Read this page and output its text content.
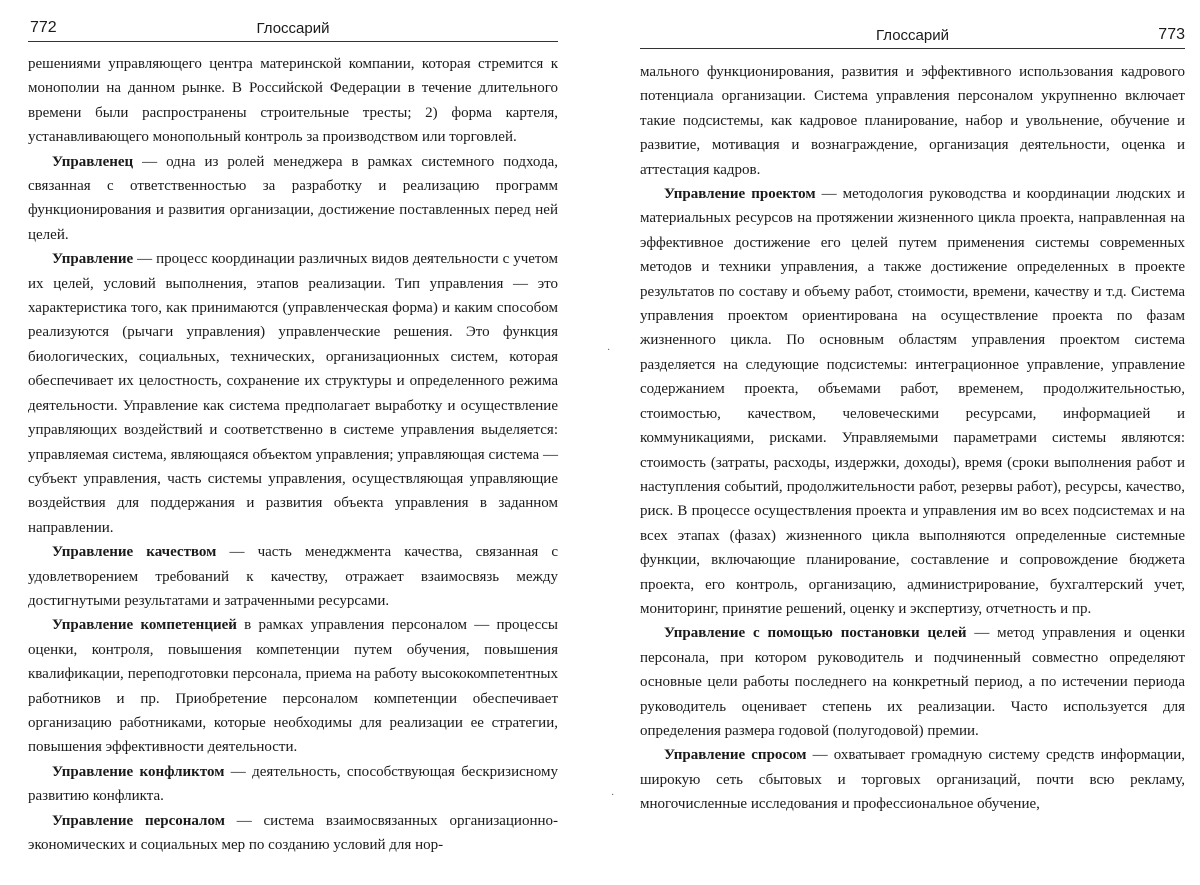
772	Глоссарий

решениями управляющего центра материнской компании, которая стремится к монополии на данном рынке. В Российской Федерации в течение длительного времени были распространены строительные тресты; 2) форма картеля, устанавливающего монопольный контроль за производством или торговлей.

Управленец — одна из ролей менеджера в рамках системного подхода, связанная с ответственностью за разработку и реализацию программ функционирования и развития организации, достижение поставленных перед ней целей.

Управление — процесс координации различных видов деятельности с учетом их целей, условий выполнения, этапов реализации. Тип управления — это характеристика того, как принимаются (управленческая форма) и каким способом реализуются (рычаги управления) управленческие решения. Это функция биологических, социальных, технических, организационных систем, которая обеспечивает их целостность, сохранение их структуры и определенного режима деятельности. Управление как система предполагает выработку и осуществление управляющих воздействий и соответственно в системе управления выделяется: управляемая система, являющаяся объектом управления; управляющая система — субъект управления, часть системы управления, осуществляющая управляющие воздействия для поддержания и развития объекта управления в заданном направлении.

Управление качеством — часть менеджмента качества, связанная с удовлетворением требований к качеству, отражает взаимосвязь между достигнутыми результатами и затраченными ресурсами.

Управление компетенцией в рамках управления персоналом — процессы оценки, контроля, повышения компетенции путем обучения, повышения квалификации, переподготовки персонала, приема на работу высококомпетентных работников и пр. Приобретение персоналом компетенции обеспечивает организацию работниками, которые необходимы для реализации ее стратегии, повышения эффективности деятельности.

Управление конфликтом — деятельность, способствующая бескризисному развитию конфликта.

Управление персоналом — система взаимосвязанных организационно-экономических и социальных мер по созданию условий для нор-

Глоссарий	773

мального функционирования, развития и эффективного использования кадрового потенциала организации. Система управления персоналом укрупненно включает такие подсистемы, как кадровое планирование, набор и увольнение, обучение и развитие, мотивация и вознаграждение, организация деятельности, оценка и аттестация кадров.

Управление проектом — методология руководства и координации людских и материальных ресурсов на протяжении жизненного цикла проекта, направленная на эффективное достижение его целей путем применения системы современных методов и техники управления, а также достижение определенных в проекте результатов по составу и объему работ, стоимости, времени, качеству и т.д. Система управления проектом ориентирована на осуществление проекта по фазам жизненного цикла. По основным областям управления проектом система разделяется на следующие подсистемы: интеграционное управление, управление содержанием проекта, объемами работ, временем, продолжительностью, стоимостью, качеством, человеческими ресурсами, информацией и коммуникациями, рисками. Управляемыми параметрами системы являются: стоимость (затраты, расходы, издержки, доходы), время (сроки выполнения работ и наступления событий, продолжительности работ, резервы работ), ресурсы, качество, риск. В процессе осуществления проекта и управления им во всех подсистемах и на всех этапах (фазах) жизненного цикла выполняются определенные системные функции, включающие планирование, составление и сопровождение бюджета проекта, его контроль, организацию, администрирование, бухгалтерский учет, мониторинг, принятие решений, оценку и экспертизу, отчетность и пр.

Управление с помощью постановки целей — метод управления и оценки персонала, при котором руководитель и подчиненный совместно определяют основные цели работы последнего на конкретный период, а по истечении периода руководитель оценивает степень их реализации. Часто используется для определения размера годовой (полугодовой) премии.

Управление спросом — охватывает громадную систему средств информации, широкую сеть сбытовых и торговых организаций, почти всю рекламу, многочисленные исследования и профессиональное обучение,

·
·
